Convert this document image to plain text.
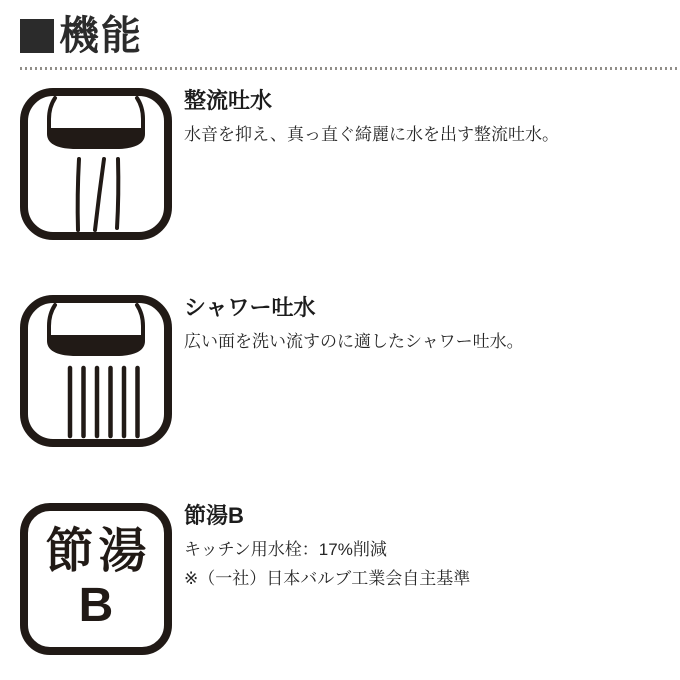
機能
整流吐水

水音を抑え、真っ直ぐ綺麗に水を出す整流吐水。

シャワー吐水

広い面を洗い流すのに適したシャワー吐水。

節湯
B
節湯B

キッチン用水栓：17%削減

※（一社）日本バルブ工業会自主基準
